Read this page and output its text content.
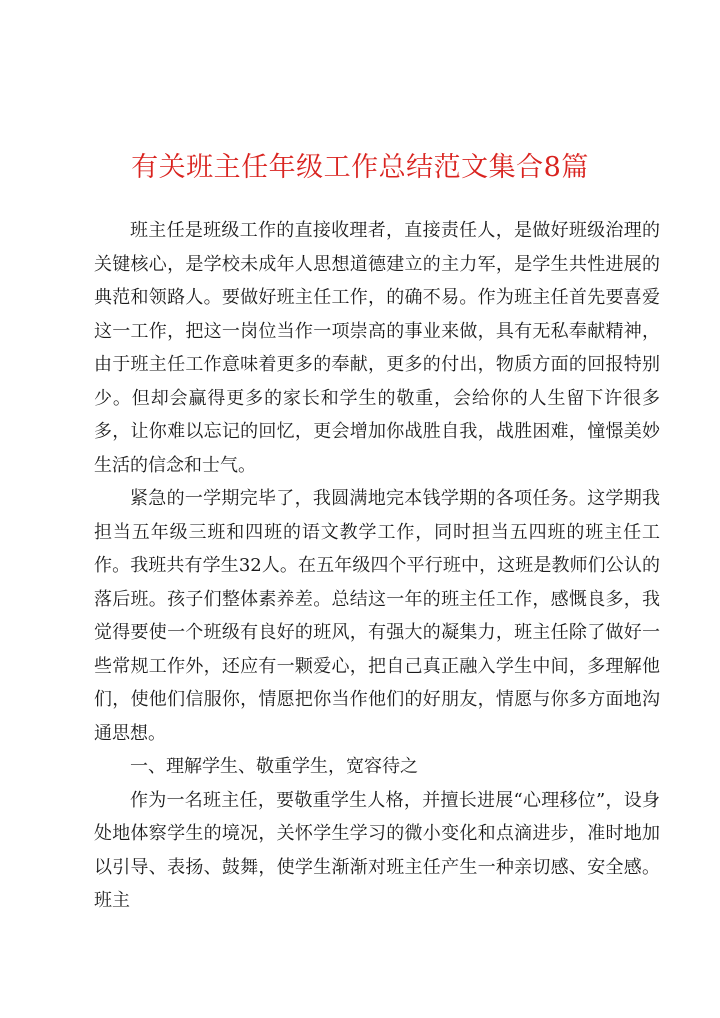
有关班主任年级工作总结范文集合8篇

班主任是班级工作的直接收理者，直接责任人，是做好班级治理的关键核心，是学校未成年人思想道德建立的主力军，是学生共性进展的典范和领路人。要做好班主任工作，的确不易。作为班主任首先要喜爱这一工作，把这一岗位当作一项崇高的事业来做，具有无私奉献精神，由于班主任工作意味着更多的奉献，更多的付出，物质方面的回报特别少。但却会赢得更多的家长和学生的敬重，会给你的人生留下许很多多，让你难以忘记的回忆，更会增加你战胜自我，战胜困难，憧憬美妙生活的信念和士气。

紧急的一学期完毕了，我圆满地完本钱学期的各项任务。这学期我担当五年级三班和四班的语文教学工作，同时担当五四班的班主任工作。我班共有学生32人。在五年级四个平行班中，这班是教师们公认的落后班。孩子们整体素养差。总结这一年的班主任工作，感慨良多，我觉得要使一个班级有良好的班风，有强大的凝集力，班主任除了做好一些常规工作外，还应有一颗爱心，把自己真正融入学生中间，多理解他们，使他们信服你，情愿把你当作他们的好朋友，情愿与你多方面地沟通思想。

一、理解学生、敬重学生，宽容待之

作为一名班主任，要敬重学生人格，并擅长进展“心理移位”，设身处地体察学生的境况，关怀学生学习的微小变化和点滴进步，准时地加以引导、表扬、鼓舞，使学生渐渐对班主任产生一种亲切感、安全感。班主
